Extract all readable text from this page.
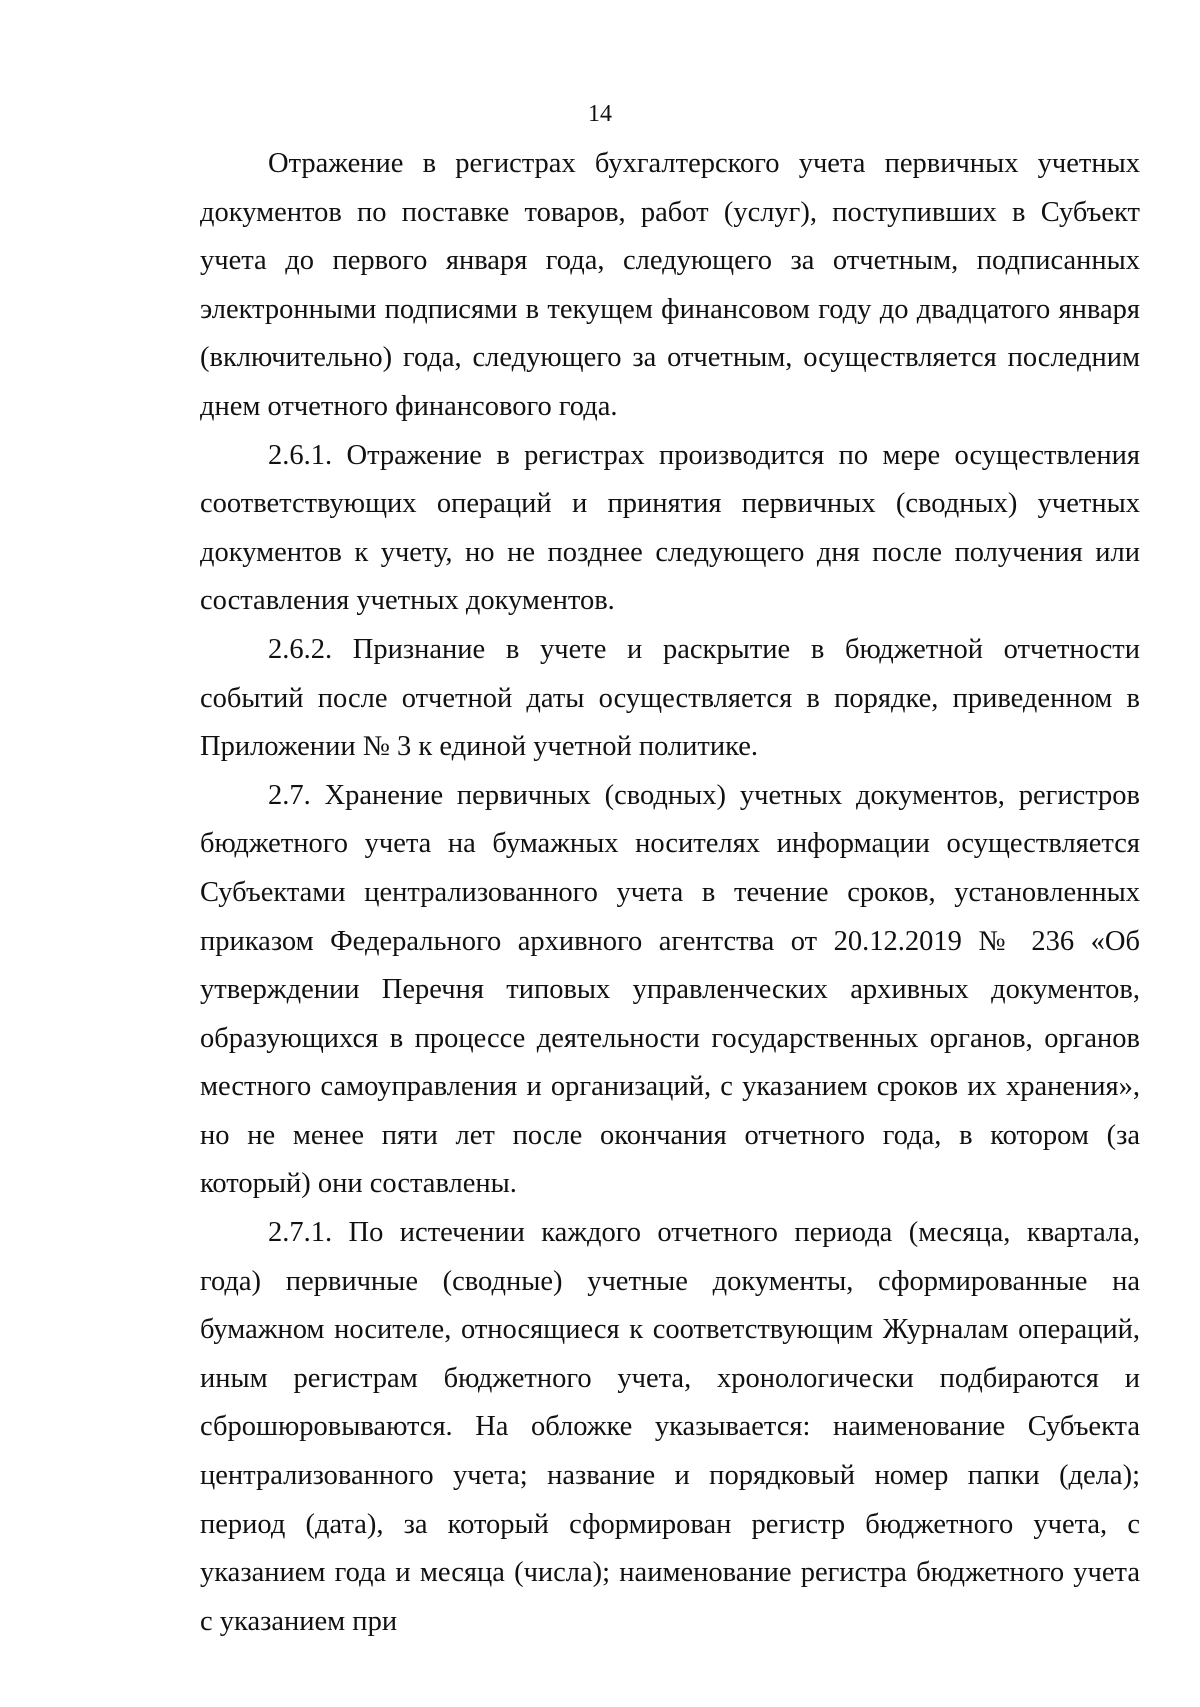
14

Отражение в регистрах бухгалтерского учета первичных учетных документов по поставке товаров, работ (услуг), поступивших в Субъект учета до первого января года, следующего за отчетным, подписанных электронными подписями в текущем финансовом году до двадцатого января (включительно) года, следующего за отчетным, осуществляется последним днем отчетного финансового года.

2.6.1. Отражение в регистрах производится по мере осуществления соответствующих операций и принятия первичных (сводных) учетных документов к учету, но не позднее следующего дня после получения или составления учетных документов.

2.6.2. Признание в учете и раскрытие в бюджетной отчетности событий после отчетной даты осуществляется в порядке, приведенном в Приложении № 3 к единой учетной политике.

2.7. Хранение первичных (сводных) учетных документов, регистров бюджетного учета на бумажных носителях информации осуществляется Субъектами централизованного учета в течение сроков, установленных приказом Федерального архивного агентства от 20.12.2019 № 236 «Об утверждении Перечня типовых управленческих архивных документов, образующихся в процессе деятельности государственных органов, органов местного самоуправления и организаций, с указанием сроков их хранения», но не менее пяти лет после окончания отчетного года, в котором (за который) они составлены.

2.7.1. По истечении каждого отчетного периода (месяца, квартала, года) первичные (сводные) учетные документы, сформированные на бумажном носителе, относящиеся к соответствующим Журналам операций, иным регистрам бюджетного учета, хронологически подбираются и сброшюровываются. На обложке указывается: наименование Субъекта централизованного учета; название и порядковый номер папки (дела); период (дата), за который сформирован регистр бюджетного учета, с указанием года и месяца (числа); наименование регистра бюджетного учета с указанием при
